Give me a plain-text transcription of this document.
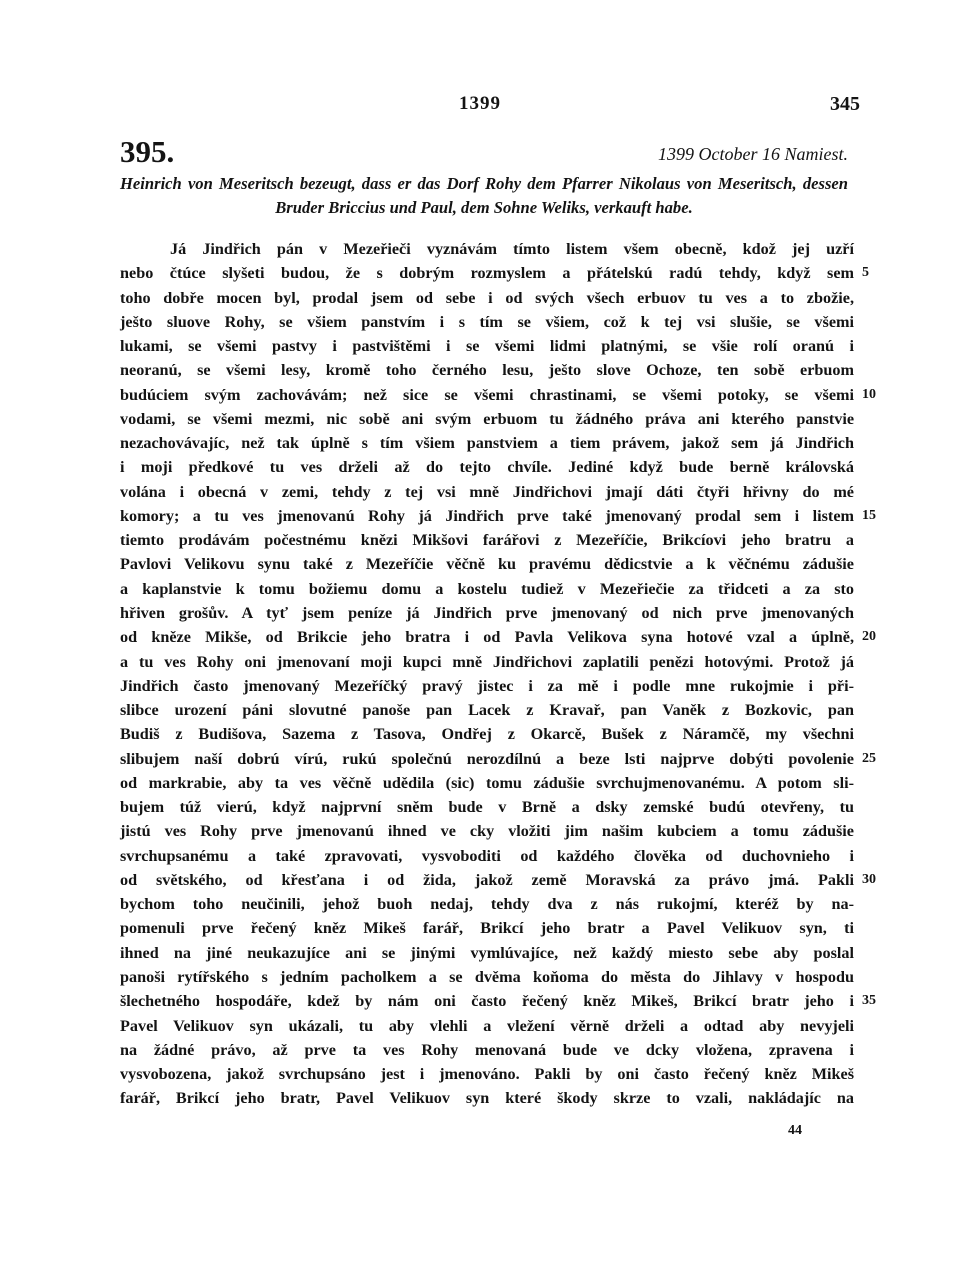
1399	345
395.	1399 October 16 Namiest.

Heinrich von Meseritsch bezeugt, dass er das Dorf Rohy dem Pfarrer Nikolaus von Meseritsch, dessen Bruder Briccius und Paul, dem Sohne Weliks, verkauft habe.

Já Jindřich pán v Mezeřieči vyznávám tímto listem všem obecně, kdož jej uzří
nebo čtúce slyšeti budou, že s dobrým rozmyslem a přátelskú radú tehdy, když sem
toho dobře mocen byl, prodal jsem od sebe i od svých všech erbuov tu ves a to zbožie,
ješto sluove Rohy, se všiem panstvím i s tím se všiem, což k tej vsi slušie, se všemi
lukami, se všemi pastvy i pastvištěmi i se všemi lidmi platnými, se všie rolí oranú i
neoranú, se všemi lesy, kromě toho černého lesu, ješto slove Ochoze, ten sobě erbuom
budúciem svým zachovávám; než sice se všemi chrastinami, se všemi potoky, se všemi
vodami, se všemi mezmi, nic sobě ani svým erbuom tu žádného práva ani kterého panstvie
nezachovávajíc, než tak úplně s tím všiem panstviem a tiem právem, jakož sem já Jindřich
i moji předkové tu ves drželi až do tejto chvíle. Jediné když bude berně královská
volána i obecná v zemi, tehdy z tej vsi mně Jindřichovi jmají dáti čtyři hřivny do mé
komory; a tu ves jmenovanú Rohy já Jindřich prve také jmenovaný prodal sem i listem
tiemto prodávám počestnému knězi Mikšovi farářovi z Mezeříčie, Brikcíovi jeho bratru a
Pavlovi Velikovu synu také z Mezeříčie věčně ku pravému dědicstvie a k věčnému zádušie
a kaplanstvie k tomu božiemu domu a kostelu tudiež v Mezeřiečie za třidceti a za sto
hřiven grošův. A tyť jsem peníze já Jindřich prve jmenovaný od nich prve jmenovaných
od kněze Mikše, od Brikcie jeho bratra i od Pavla Velikova syna hotové vzal a úplně,
a tu ves Rohy oni jmenovaní moji kupci mně Jindřichovi zaplatili penězi hotovými. Protož já
Jindřich často jmenovaný Mezeříčký pravý jistec i za mě i podle mne rukojmie i při-
slibce urození páni slovutné panoše pan Lacek z Kravař, pan Vaněk z Bozkovic, pan
Budiš z Budišova, Sazema z Tasova, Ondřej z Okarcě, Bušek z Náramčě, my všechni
slibujem naší dobrú vírú, rukú společnú nerozdílnú a beze lsti najprve dobýti povolenie
od markrabie, aby ta ves věčně udědila (sic) tomu zádušie svrchujmenovanému. A potom sli-
bujem túž vierú, když najprvní sněm bude v Brně a dsky zemské budú otevřeny, tu
jistú ves Rohy prve jmenovanú ihned ve cky vložiti jim našim kubciem a tomu zádušie
svrchupsanému a také zpravovati, vysvoboditi od každého člověka od duchovnieho i
od světského, od křesťana i od žida, jakož země Moravská za právo jmá. Pakli
bychom toho neučinili, jehož buoh nedaj, tehdy dva z nás rukojmí, kteréž by na-
pomenuli prve řečený kněz Mikeš farář, Brikcí jeho bratr a Pavel Velikuov syn, ti
ihned na jiné neukazujíce ani se jinými vymlúvajíce, než každý miesto sebe aby poslal
panoši rytířského s jedním pacholkem a se dvěma koňoma do města do Jihlavy v hospodu
šlechetného hospodáře, kdež by nám oni často řečený kněz Mikeš, Brikcí bratr jeho i
Pavel Velikuov syn ukázali, tu aby vlehli a vležení věrně drželi a odtad aby nevyjeli
na žádné právo, až prve ta ves Rohy menovaná bude ve dcky vložena, zpravena i
vysvobozena, jakož svrchupsáno jest i jmenováno. Pakli by oni často řečený kněz Mikeš
farář, Brikcí jeho bratr, Pavel Velikuov syn které škody skrze to vzali, nakládajíc na
5
10
15
20
25
30
35
44
